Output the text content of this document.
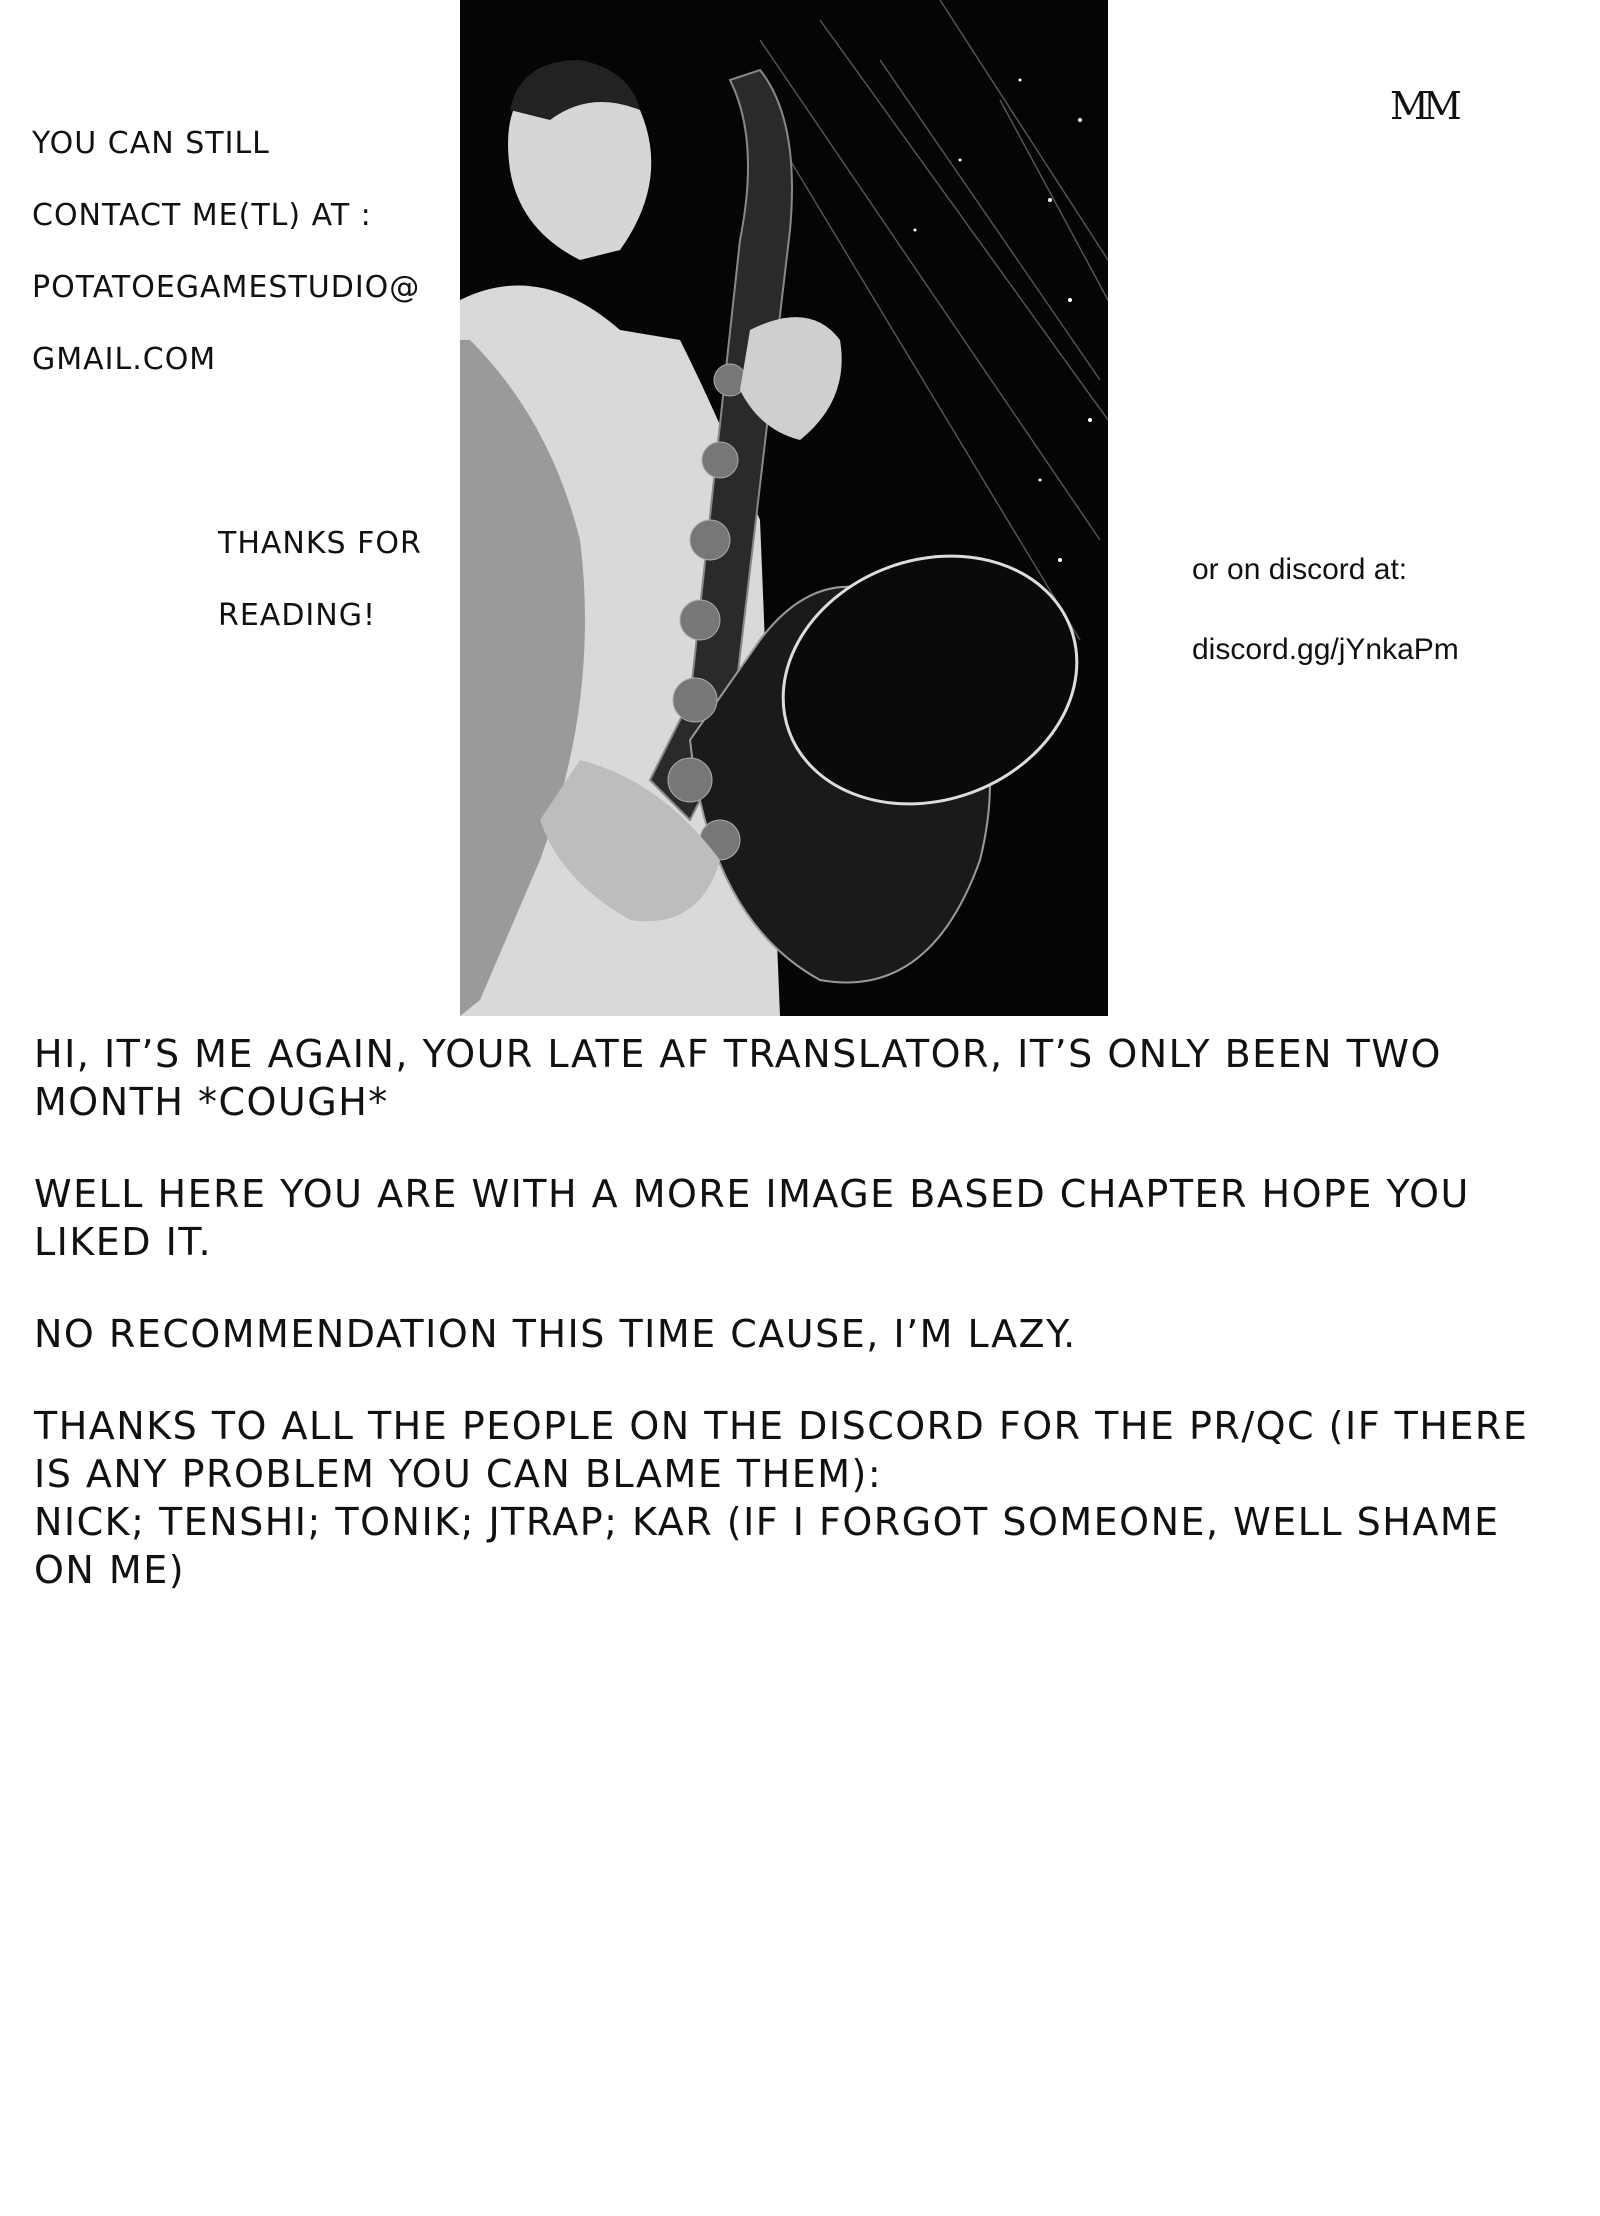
YOU CAN STILL
CONTACT ME(TL) AT :
POTATOEGAMESTUDIO@
GMAIL.COM
MM
THANKS FOR
READING!
or on discord at:
discord.gg/jYnkaPm

HI, IT’S ME AGAIN, YOUR LATE AF TRANSLATOR, IT’S ONLY BEEN TWO MONTH *COUGH*

WELL HERE YOU ARE WITH A MORE IMAGE BASED CHAPTER HOPE YOU LIKED IT.

NO RECOMMENDATION THIS TIME CAUSE, I’M LAZY.

THANKS TO ALL THE PEOPLE ON THE DISCORD FOR THE PR/QC (IF THERE IS ANY PROBLEM YOU CAN BLAME THEM):

NICK; TENSHI; TONIK; JTRAP; KAR (IF I FORGOT SOMEONE, WELL SHAME ON ME)
